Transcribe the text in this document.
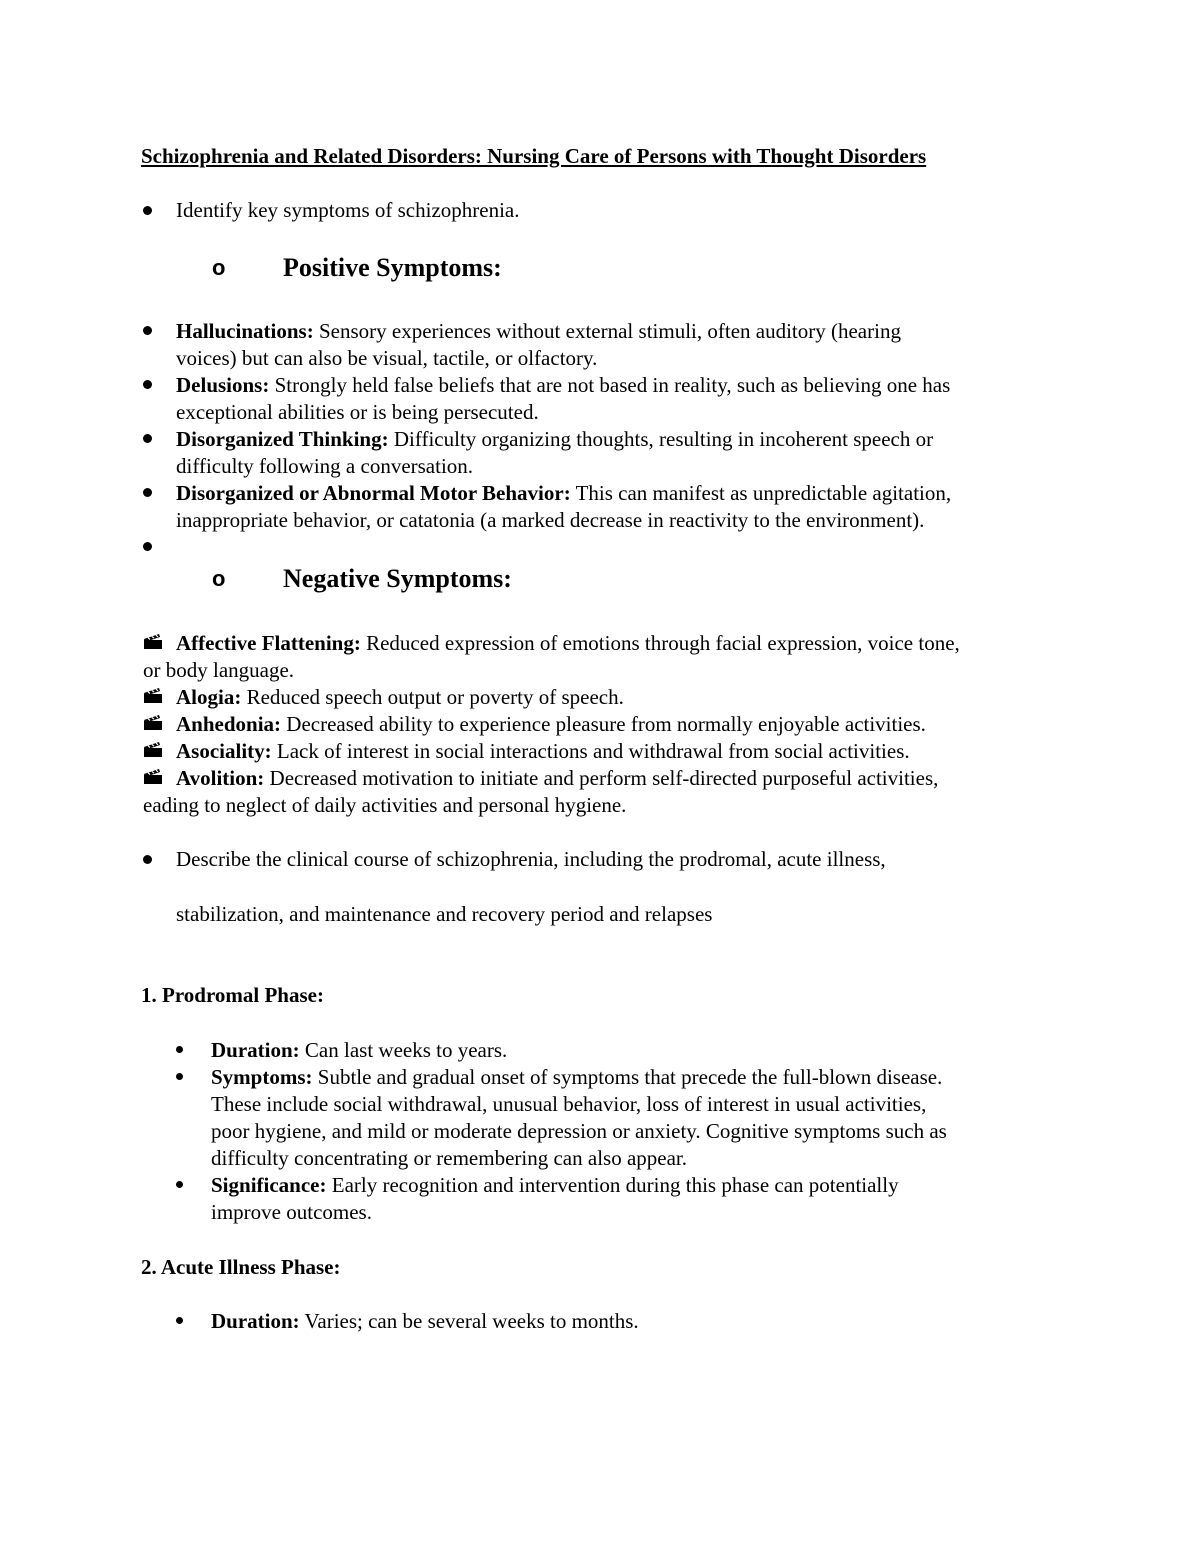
Schizophrenia and Related Disorders: Nursing Care of Persons with Thought Disorders
Identify key symptoms of schizophrenia.
o Positive Symptoms:
Hallucinations: Sensory experiences without external stimuli, often auditory (hearing
voices) but can also be visual, tactile, or olfactory.
Delusions: Strongly held false beliefs that are not based in reality, such as believing one has
exceptional abilities or is being persecuted.
Disorganized Thinking: Difficulty organizing thoughts, resulting in incoherent speech or
difficulty following a conversation.
Disorganized or Abnormal Motor Behavior: This can manifest as unpredictable agitation,
inappropriate behavior, or catatonia (a marked decrease in reactivity to the environment).
o Negative Symptoms:
Affective Flattening: Reduced expression of emotions through facial expression, voice tone,
or body language.
Alogia: Reduced speech output or poverty of speech.
Anhedonia: Decreased ability to experience pleasure from normally enjoyable activities.
Asociality: Lack of interest in social interactions and withdrawal from social activities.
Avolition: Decreased motivation to initiate and perform self-directed purposeful activities,
eading to neglect of daily activities and personal hygiene.
Describe the clinical course of schizophrenia, including the prodromal, acute illness,
stabilization, and maintenance and recovery period and relapses
1. Prodromal Phase:
Duration: Can last weeks to years.
Symptoms: Subtle and gradual onset of symptoms that precede the full-blown disease.
These include social withdrawal, unusual behavior, loss of interest in usual activities,
poor hygiene, and mild or moderate depression or anxiety. Cognitive symptoms such as
difficulty concentrating or remembering can also appear.
Significance: Early recognition and intervention during this phase can potentially
improve outcomes.
2. Acute Illness Phase:
Duration: Varies; can be several weeks to months.
